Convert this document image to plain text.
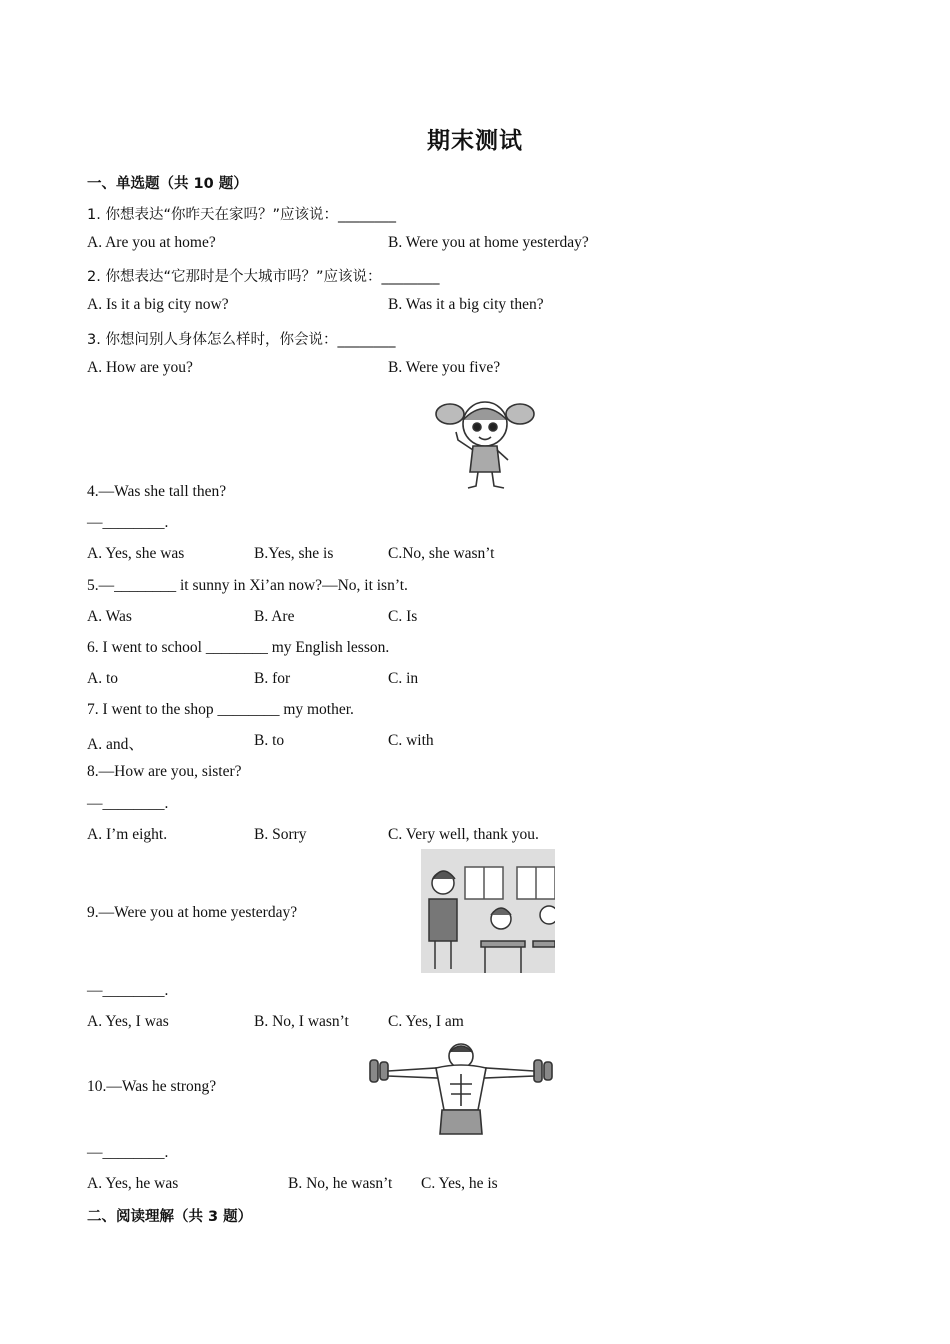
期末测试
一、单选题（共 10 题）
1. 你想表达“你昨天在家吗？”应该说：________
A. Are you at home?	B. Were you at home yesterday?
2. 你想表达“它那时是个大城市吗？”应该说：________
A. Is it a big city now?	B. Was it a big city then?
3. 你想问别人身体怎么样时，你会说：________
A. How are you?	B. Were you five?
4.—Was she tall then?
—________.
A. Yes, she was	B.Yes, she is	C.No, she wasn’t
5.—________ it sunny in Xi’an now?—No, it isn’t.
A. Was	B. Are	C. Is
6. I went to school ________ my English lesson.
A. to	B. for	C. in
7. I went to the shop ________ my mother.
A. and、	B. to	C. with
8.—How are you, sister?
—________.
A. I’m eight.	B. Sorry	C. Very well, thank you.
9.—Were you at home yesterday?
—________.
A. Yes, I was	B. No, I wasn’t	C. Yes, I am
10.—Was he strong?
—________.
A. Yes, he was	B. No, he wasn’t C. Yes, he is
二、阅读理解（共 3 题）
